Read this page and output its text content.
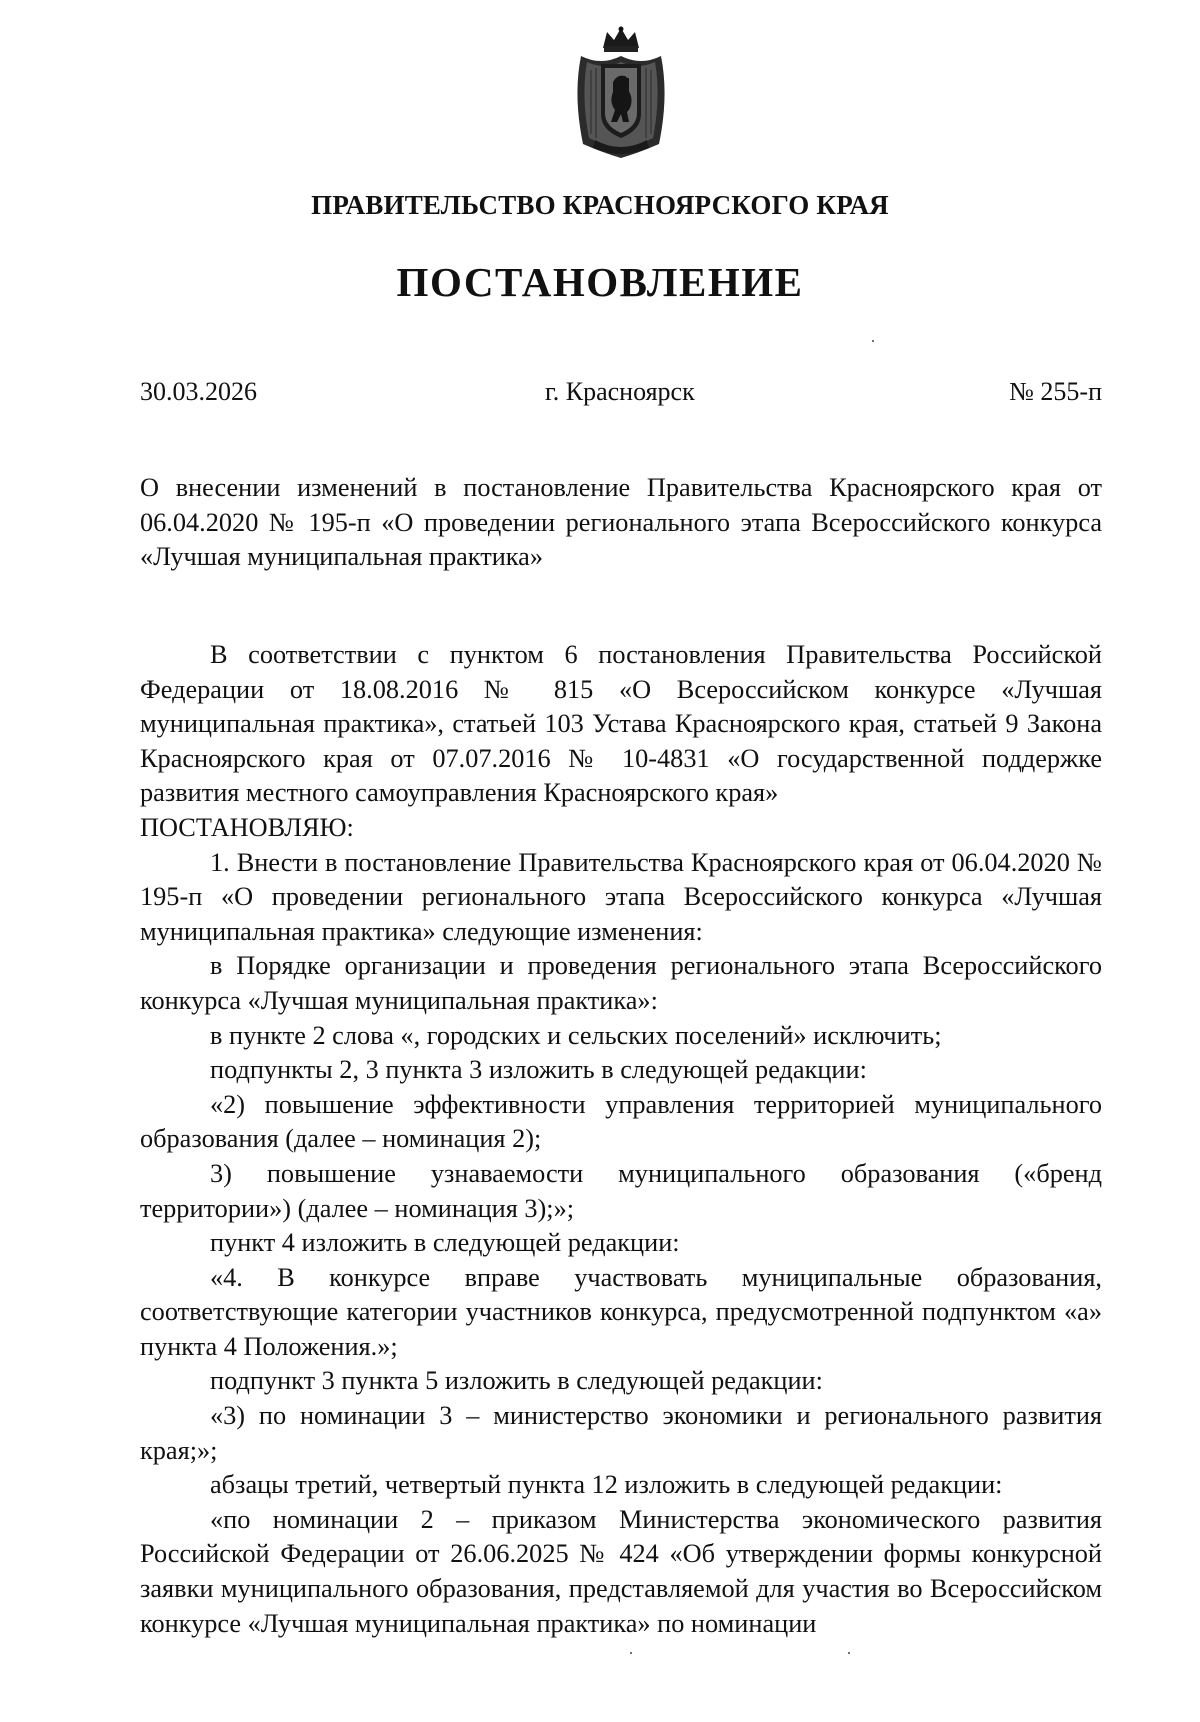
ПРАВИТЕЛЬСТВО КРАСНОЯРСКОГО КРАЯ
ПОСТАНОВЛЕНИЕ
30.03.2026	г. Красноярск	№ 255-п
О внесении изменений в постановление Правительства Красноярского края от 06.04.2020 № 195-п «О проведении регионального этапа Всероссийского конкурса «Лучшая муниципальная практика»

В соответствии с пунктом 6 постановления Правительства Российской Федерации от 18.08.2016 № 815 «О Всероссийском конкурсе «Лучшая муниципальная практика», статьей 103 Устава Красноярского края, статьей 9 Закона Красноярского края от 07.07.2016 № 10-4831 «О государственной поддержке развития местного самоуправления Красноярского края»

ПОСТАНОВЛЯЮ:

1. Внести в постановление Правительства Красноярского края от 06.04.2020 № 195-п «О проведении регионального этапа Всероссийского конкурса «Лучшая муниципальная практика» следующие изменения:

в Порядке организации и проведения регионального этапа Всероссийского конкурса «Лучшая муниципальная практика»:

в пункте 2 слова «, городских и сельских поселений» исключить;

подпункты 2, 3 пункта 3 изложить в следующей редакции:

«2) повышение эффективности управления территорией муниципального образования (далее – номинация 2);

3) повышение узнаваемости муниципального образования («бренд территории») (далее – номинация 3);»;

пункт 4 изложить в следующей редакции:

«4. В конкурсе вправе участвовать муниципальные образования, соответствующие категории участников конкурса, предусмотренной подпунктом «а» пункта 4 Положения.»;

подпункт 3 пункта 5 изложить в следующей редакции:

«3) по номинации 3 – министерство экономики и регионального развития края;»;

абзацы третий, четвертый пункта 12 изложить в следующей редакции:

«по номинации 2 – приказом Министерства экономического развития Российской Федерации от 26.06.2025 № 424 «Об утверждении формы конкурсной заявки муниципального образования, представляемой для участия во Всероссийском конкурсе «Лучшая муниципальная практика» по номинации
